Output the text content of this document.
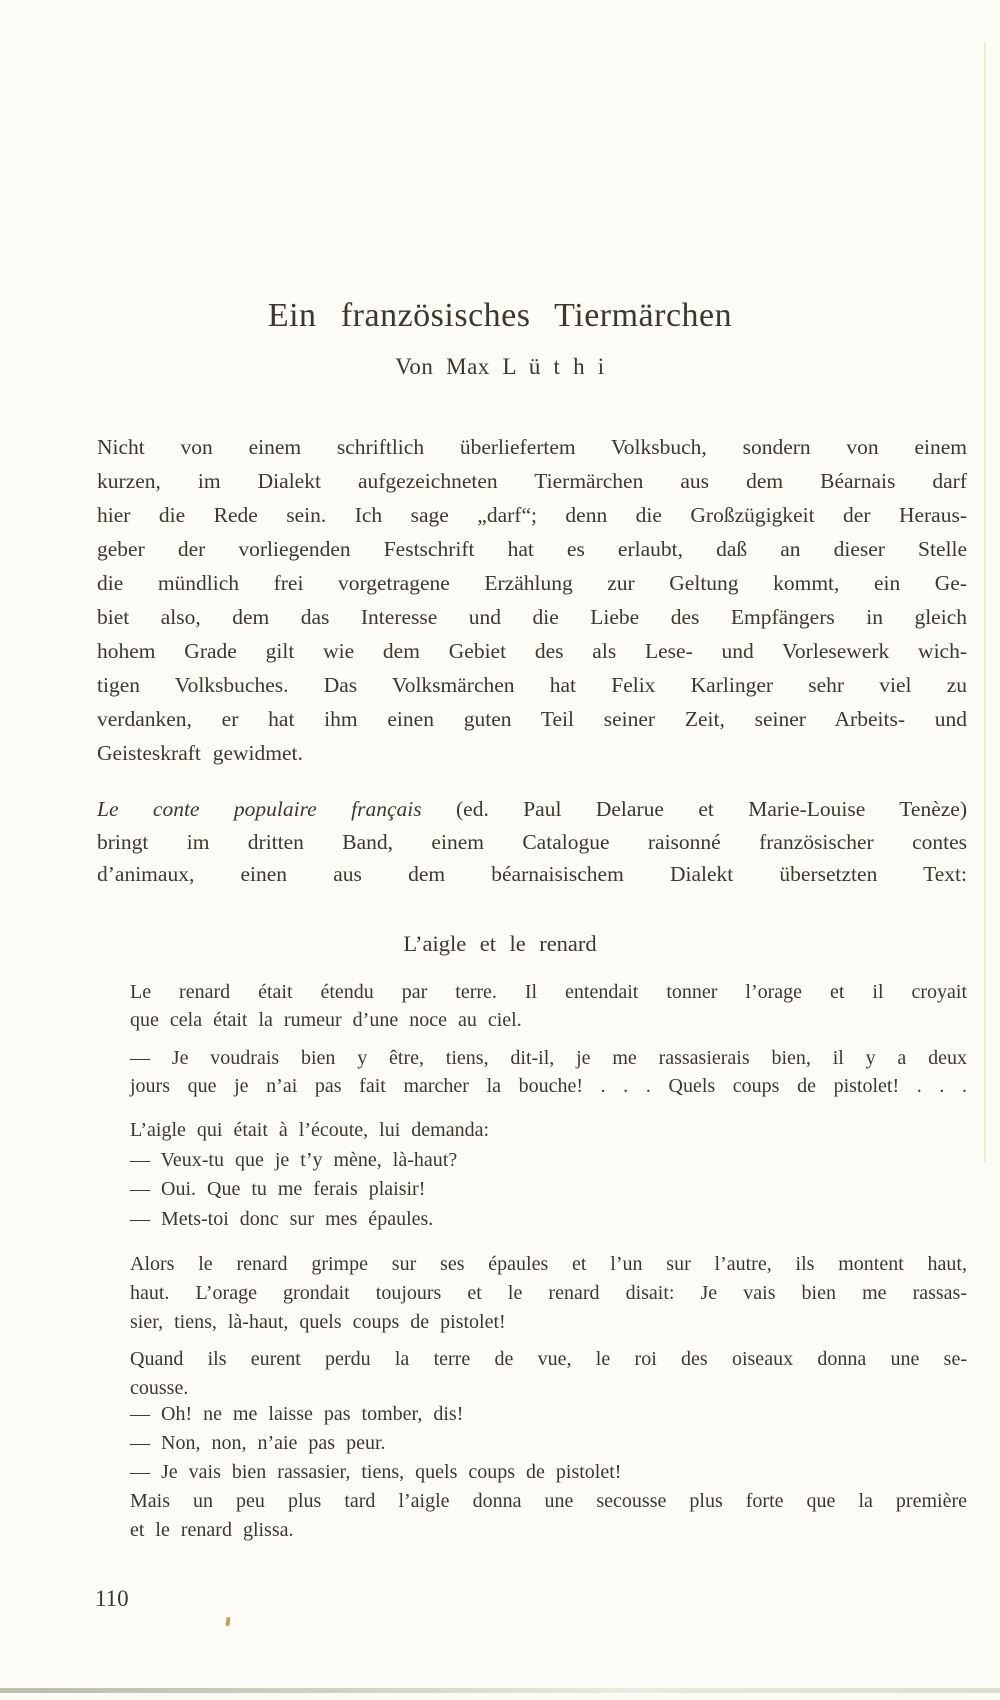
Ein französisches Tiermärchen
Von Max L ü t h i
Nicht von einem schriftlich überliefertem Volksbuch, sondern von einem
kurzen, im Dialekt aufgezeichneten Tiermärchen aus dem Béarnais darf
hier die Rede sein. Ich sage „darf“; denn die Großzügigkeit der Heraus-
geber der vorliegenden Festschrift hat es erlaubt, daß an dieser Stelle
die mündlich frei vorgetragene Erzählung zur Geltung kommt, ein Ge-
biet also, dem das Interesse und die Liebe des Empfängers in gleich
hohem Grade gilt wie dem Gebiet des als Lese- und Vorlesewerk wich-
tigen Volksbuches. Das Volksmärchen hat Felix Karlinger sehr viel zu
verdanken, er hat ihm einen guten Teil seiner Zeit, seiner Arbeits- und
Geisteskraft gewidmet.
Le conte populaire français (ed. Paul Delarue et Marie-Louise Tenèze)
bringt im dritten Band, einem Catalogue raisonné französischer contes
d’animaux, einen aus dem béarnaisischem Dialekt übersetzten Text:
L’aigle et le renard
Le renard était étendu par terre. Il entendait tonner l’orage et il croyait
que cela était la rumeur d’une noce au ciel.
— Je voudrais bien y être, tiens, dit-il, je me rassasierais bien, il y a deux
jours que je n’ai pas fait marcher la bouche! . . . Quels coups de pistolet! . . .
L’aigle qui était à l’écoute, lui demanda:
— Veux-tu que je t’y mène, là-haut?
— Oui. Que tu me ferais plaisir!
— Mets-toi donc sur mes épaules.
Alors le renard grimpe sur ses épaules et l’un sur l’autre, ils montent haut,
haut. L’orage grondait toujours et le renard disait: Je vais bien me rassas-
sier, tiens, là-haut, quels coups de pistolet!
Quand ils eurent perdu la terre de vue, le roi des oiseaux donna une se-
cousse.
— Oh! ne me laisse pas tomber, dis!
— Non, non, n’aie pas peur.
— Je vais bien rassasier, tiens, quels coups de pistolet!
Mais un peu plus tard l’aigle donna une secousse plus forte que la première
et le renard glissa.
110
